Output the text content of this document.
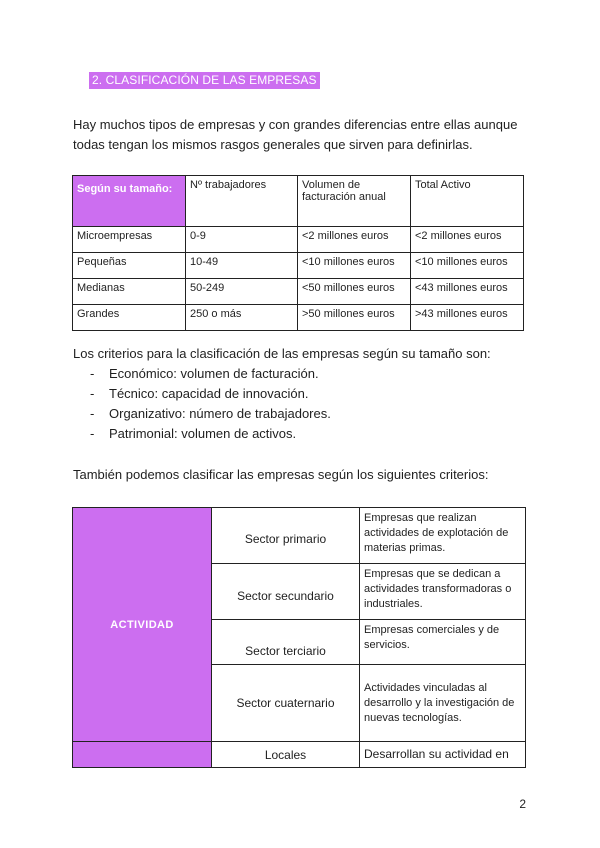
2. CLASIFICACIÓN DE LAS EMPRESAS
Hay muchos tipos de empresas y con grandes diferencias entre ellas aunque
todas tengan los mismos rasgos generales que sirven para definirlas.
Según su tamaño:	Nº trabajadores	Volumen de facturación anual	Total Activo
Microempresas	0-9	<2 millones euros	<2 millones euros
Pequeñas	10-49	<10 millones euros	<10 millones euros
Medianas	50-249	<50 millones euros	<43 millones euros
Grandes	250 o más	>50 millones euros	>43 millones euros
Los criterios para la clasificación de las empresas según su tamaño son:
- Económico: volumen de facturación.
- Técnico: capacidad de innovación.
- Organizativo: número de trabajadores.
- Patrimonial: volumen de activos.
También podemos clasificar las empresas según los siguientes criterios:
ACTIVIDAD	Sector primario	Empresas que realizan actividades de explotación de materias primas.
	Sector secundario	Empresas que se dedican a actividades transformadoras o industriales.
	Sector terciario	Empresas comerciales y de servicios.
	Sector cuaternario	Actividades vinculadas al desarrollo y la investigación de nuevas tecnologías.
	Locales	Desarrollan su actividad en
2
